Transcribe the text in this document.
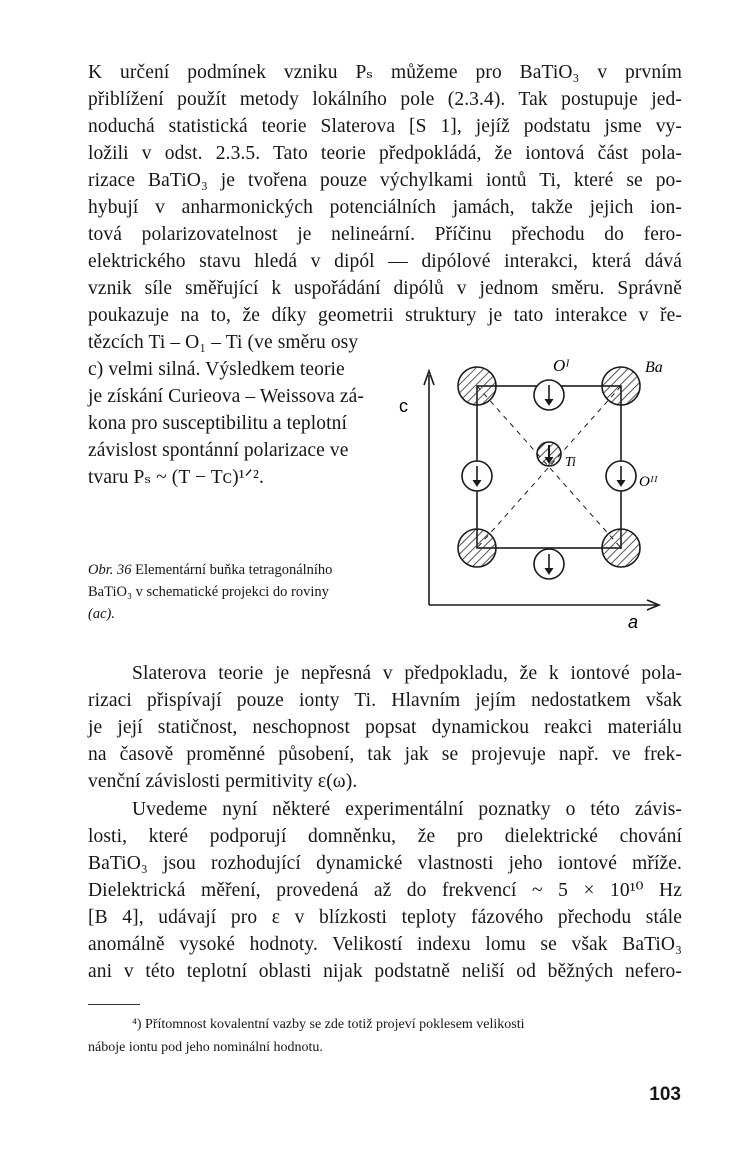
K určení podmínek vzniku Pₛ můžeme pro BaTiO₃ v prvním
přiblížení použít metody lokálního pole (2.3.4). Tak postupuje jed-
noduchá statistická teorie Slaterova [S 1], jejíž podstatu jsme vy-
ložili v odst. 2.3.5. Tato teorie předpokládá, že iontová část pola-
rizace BaTiO₃ je tvořena pouze výchylkami iontů Ti, které se po-
hybují v anharmonických potenciálních jamách, takže jejich ion-
tová polarizovatelnost je nelineární. Příčinu přechodu do fero-
elektrického stavu hledá v dipól — dipólové interakci, která dává
vznik síle směřující k uspořádání dipólů v jednom směru. Správně
poukazuje na to, že díky geometrii struktury je tato interakce v ře-
tězcích Ti – O₁ – Ti (ve směru osy
c) velmi silná. Výsledkem teorie
je získání Curieova – Weissova zá-
kona pro susceptibilitu a teplotní
závislost spontánní polarizace ve
tvaru Pₛ ~ (T − Tᴄ)¹ᐟ².
Obr. 36 Elementární buňka tetragonálního
BaTiO₃ v schematické projekci do roviny
(ac).
Oᴵ	Ba
c
Ti
Oᴵᴵ
a
Slaterova teorie je nepřesná v předpokladu, že k iontové pola-
rizaci přispívají pouze ionty Ti. Hlavním jejím nedostatkem však
je její statičnost, neschopnost popsat dynamickou reakci materiálu
na časově proměnné působení, tak jak se projevuje např. ve frek-
venční závislosti permitivity ε(ω).
Uvedeme nyní některé experimentální poznatky o této závis-
losti, které podporují domněnku, že pro dielektrické chování
BaTiO₃ jsou rozhodující dynamické vlastnosti jeho iontové mříže.
Dielektrická měření, provedená až do frekvencí ~ 5 × 10¹⁰ Hz
[B 4], udávají pro ε v blízkosti teploty fázového přechodu stále
anomálně vysoké hodnoty. Velikostí indexu lomu se však BaTiO₃
ani v této teplotní oblasti nijak podstatně neliší od běžných nefero-
⁴) Přítomnost kovalentní vazby se zde totiž projeví poklesem velikosti
náboje iontu pod jeho nominální hodnotu.
103
